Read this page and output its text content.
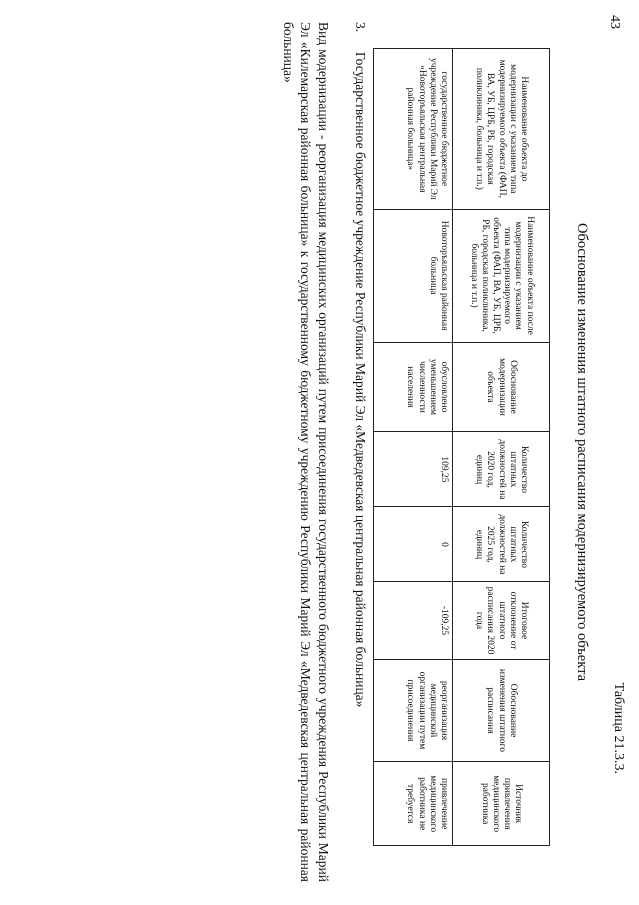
43
Таблица 21.3.3.
Обоснование изменения штатного расписания модернизируемого объекта
Наименование объекта до модернизации с указанием типа модернизируемого объекта (ФАП, ВА, УБ, ЦРБ, РБ, городская поликлиника, больница и т.п.)	Наименование объекта после модернизации с указанием типа модернизируемого объекта (ФАП, ВА, УБ, ЦРБ, РБ, городская поликлиника, больница и т.п.)	Обоснование модернизации объекта	Количество штатных должностей на 2020 год, единиц	Количество штатных должностей на 2025 год, единиц	Итоговое отклонение от штатного расписания 2020 года	Обоснование изменения штатного расписания	Источник привлечения медицинского работника
государственное бюджетное учреждение Республики Марий Эл «Новоторъяльская центральная районная больница»	Новоторъяльская районная больница	обусловлено уменьшением численности населения	109,25	0	-109,25	реорганизация медицинской организации путем присоединения	привлечение медицинского работника не требуется
3.Государственное бюджетное учреждение Республики Марий Эл «Медведевская центральная районная больница»
Вид модернизации - реорганизация медицинских организаций путем присоединения государственного бюджетного учреждения Республики Марий Эл «Килемарская районная больница» к государственному бюджетному учреждению Республики Марий Эл «Медведевская центральная районная больница»
